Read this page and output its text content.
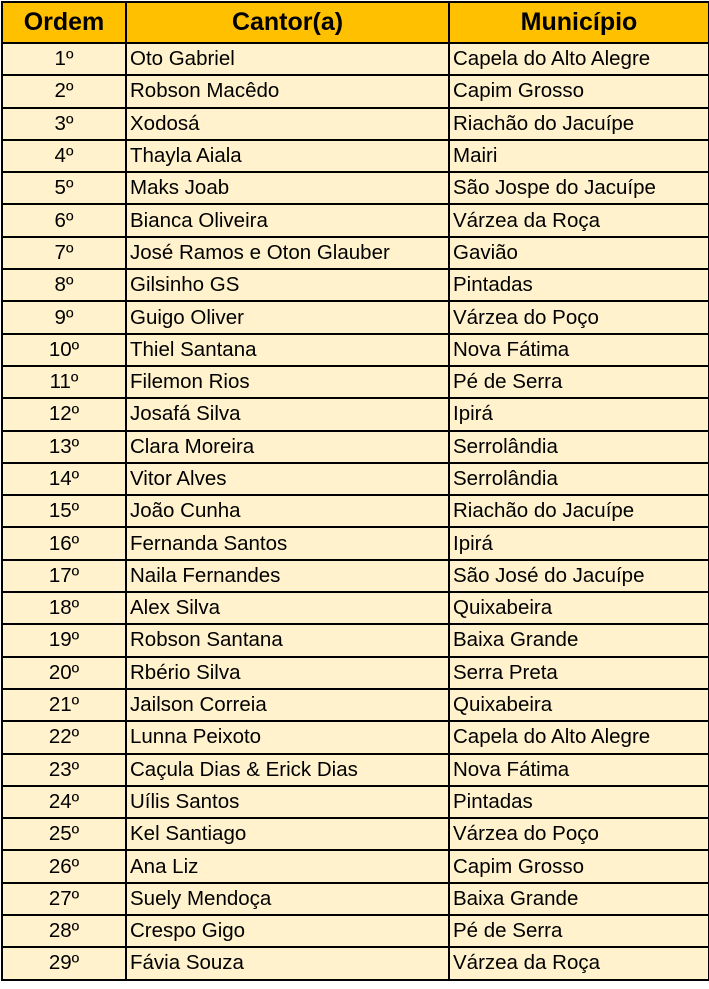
Ordem	Cantor(a)	Município
1º	Oto Gabriel	Capela do Alto Alegre
2º	Robson Macêdo	Capim Grosso
3º	Xodosá	Riachão do Jacuípe
4º	Thayla Aiala	Mairi
5º	Maks Joab	São Jospe do Jacuípe
6º	Bianca Oliveira	Várzea da Roça
7º	José Ramos e Oton Glauber	Gavião
8º	Gilsinho GS	Pintadas
9º	Guigo Oliver	Várzea do Poço
10º	Thiel Santana	Nova Fátima
11º	Filemon Rios	Pé de Serra
12º	Josafá Silva	Ipirá
13º	Clara Moreira	Serrolândia
14º	Vitor Alves	Serrolândia
15º	João Cunha	Riachão do Jacuípe
16º	Fernanda Santos	Ipirá
17º	Naila Fernandes	São José do Jacuípe
18º	Alex Silva	Quixabeira
19º	Robson Santana	Baixa Grande
20º	Rbério Silva	Serra Preta
21º	Jailson Correia	Quixabeira
22º	Lunna Peixoto	Capela do Alto Alegre
23º	Caçula Dias & Erick Dias	Nova Fátima
24º	Uílis Santos	Pintadas
25º	Kel Santiago	Várzea do Poço
26º	Ana Liz	Capim Grosso
27º	Suely Mendoça	Baixa Grande
28º	Crespo Gigo	Pé de Serra
29º	Fávia Souza	Várzea da Roça
